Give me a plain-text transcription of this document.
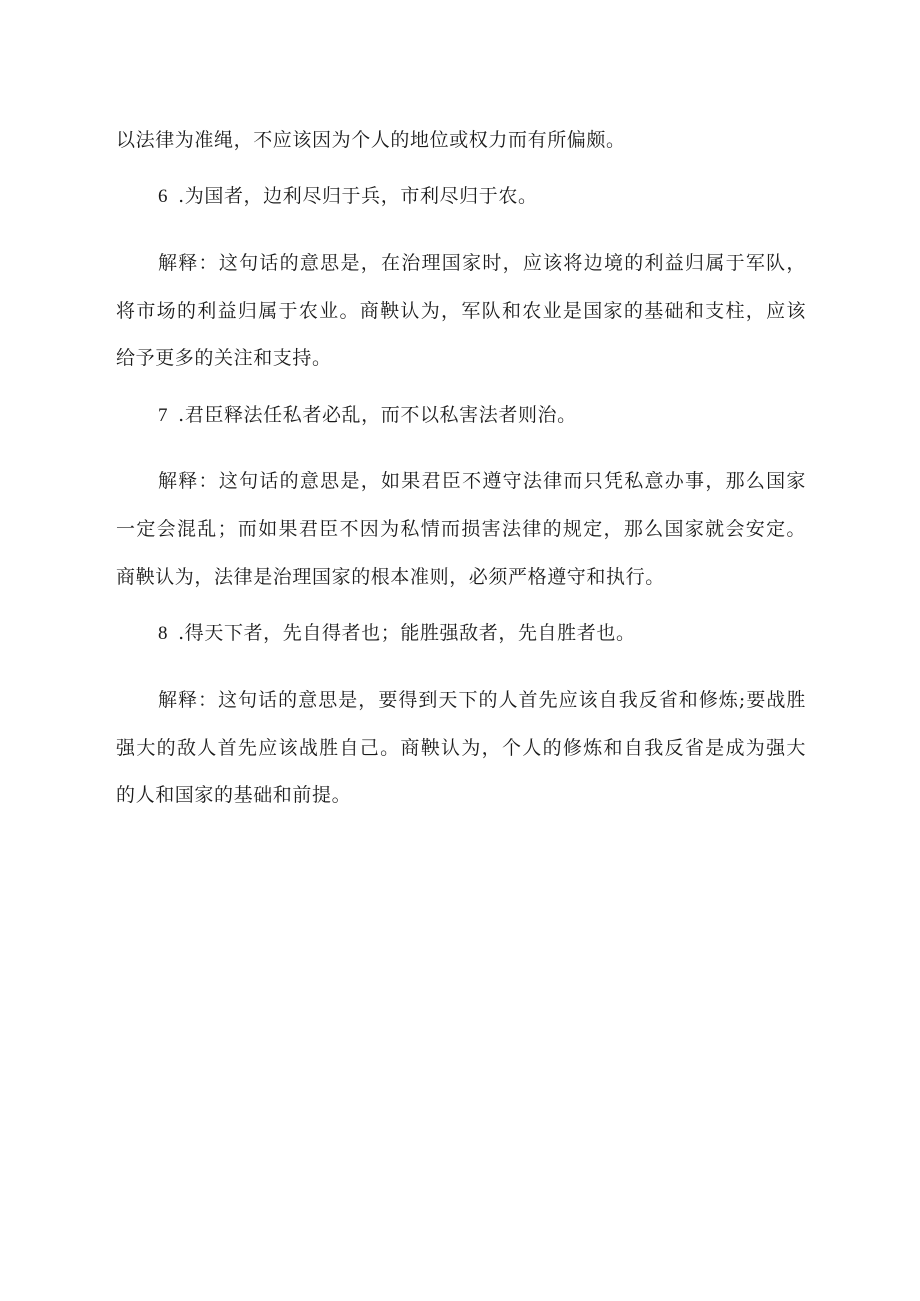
以法律为准绳，不应该因为个人的地位或权力而有所偏颇。
6 .为国者，边利尽归于兵，市利尽归于农。
解释：这句话的意思是，在治理国家时，应该将边境的利益归属于军队，
将市场的利益归属于农业。商鞅认为，军队和农业是国家的基础和支柱，应该
给予更多的关注和支持。
7 .君臣释法任私者必乱，而不以私害法者则治。
解释：这句话的意思是，如果君臣不遵守法律而只凭私意办事，那么国家
一定会混乱；而如果君臣不因为私情而损害法律的规定，那么国家就会安定。
商鞅认为，法律是治理国家的根本准则，必须严格遵守和执行。
8 .得天下者，先自得者也；能胜强敌者，先自胜者也。
解释：这句话的意思是，要得到天下的人首先应该自我反省和修炼;要战胜
强大的敌人首先应该战胜自己。商鞅认为，个人的修炼和自我反省是成为强大
的人和国家的基础和前提。
